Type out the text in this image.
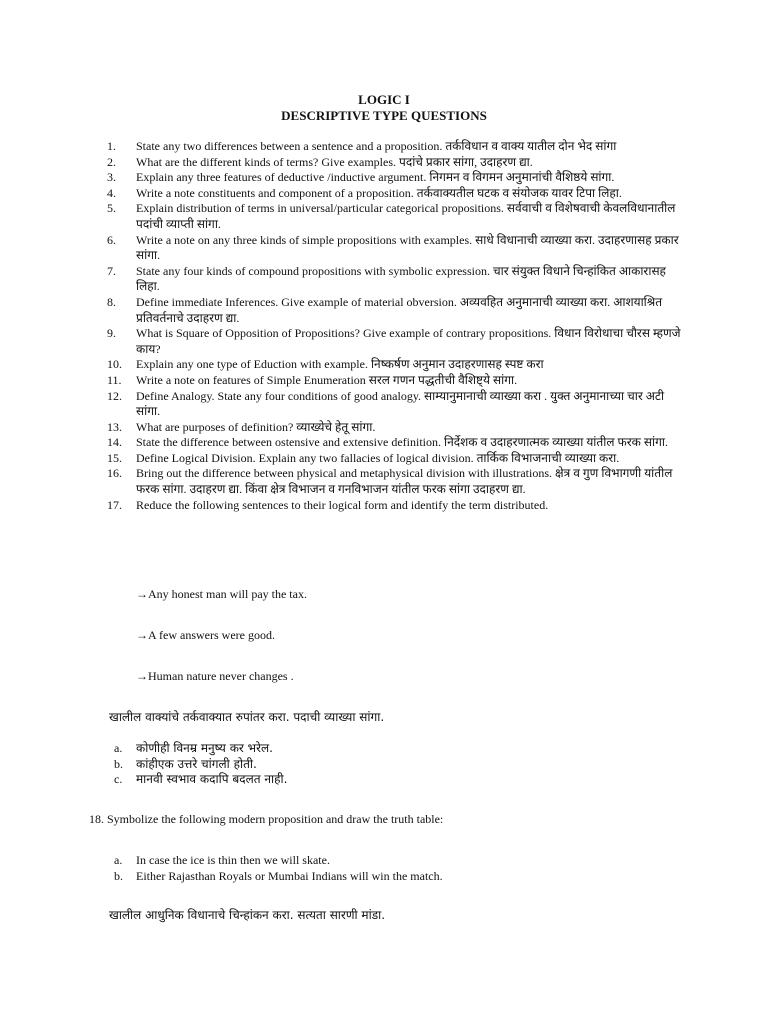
LOGIC I
DESCRIPTIVE TYPE QUESTIONS
1.	State any two differences between a sentence and a proposition. तर्कविधान व वाक्य यातील दोन भेद सांगा
2.	What are the different kinds of terms? Give examples. पदांचे प्रकार सांगा, उदाहरण द्या.
3.	Explain any three features of deductive /inductive argument. निगमन व विगमन अनुमानांची वैशिष्ठये सांगा.
4.	Write a note constituents and component of a proposition. तर्कवाक्यतील घटक व संयोजक यावर टिपा लिहा.
5.	Explain distribution of terms in universal/particular categorical propositions. सर्ववाची व विशेषवाची केवलविधानातील पदांची व्याप्ती सांगा.
6.	Write a note on any three kinds of simple propositions with examples. साधे विधानाची व्याख्या करा. उदाहरणासह प्रकार सांगा.
7.	State any four kinds of compound propositions with symbolic expression. चार संयुक्त विधाने चिन्हांकित आकारासह लिहा.
8.	Define immediate Inferences. Give example of material obversion. अव्यवहित अनुमानाची व्याख्या करा. आशयाश्रित प्रतिवर्तनाचे उदाहरण द्या.
9.	What is Square of Opposition of Propositions? Give example of contrary propositions. विधान विरोधाचा चौरस म्हणजे काय?
10.	Explain any one type of Eduction with example. निष्कर्षण अनुमान उदाहरणासह स्पष्ट करा
11.	Write a note on features of Simple Enumeration सरल गणन पद्धतीची वैशिष्ट्ये सांगा.
12.	Define Analogy. State any four conditions of good analogy. साम्यानुमानाची व्याख्या करा . युक्त अनुमानाच्या चार अटी सांगा.
13.	What are purposes of definition? व्याख्येचे हेतू सांगा.
14.	State the difference between ostensive and extensive definition. निर्देशक व उदाहरणात्मक व्याख्या यांतील फरक सांगा.
15.	Define Logical Division. Explain any two fallacies of logical division. तार्किक विभाजनाची व्याख्या करा.
16.	Bring out the difference between physical and metaphysical division with illustrations. क्षेत्र व गुण विभागणी यांतील फरक सांगा. उदाहरण द्या. किंवा क्षेत्र विभाजन व गनविभाजन यांतील फरक सांगा उदाहरण द्या.
17.	Reduce the following sentences to their logical form and identify the term distributed.
→Any honest man will pay the tax.
→A few answers were good.
→Human nature never changes .
खालील वाक्यांचे तर्कवाक्यात रुपांतर करा. पदाची व्याख्या सांगा.
a.	कोणीही विनम्र मनुष्य कर भरेल.
b.	कांहीएक उत्तरे चांगली होती.
c.	मानवी स्वभाव कदापि बदलत नाही.
18. Symbolize the following modern proposition and draw the truth table:
a.	In case the ice is thin then we will skate.
b.	Either Rajasthan Royals or Mumbai Indians will win the match.
खालील आधुनिक विधानाचे चिन्हांकन करा. सत्यता सारणी मांडा.
